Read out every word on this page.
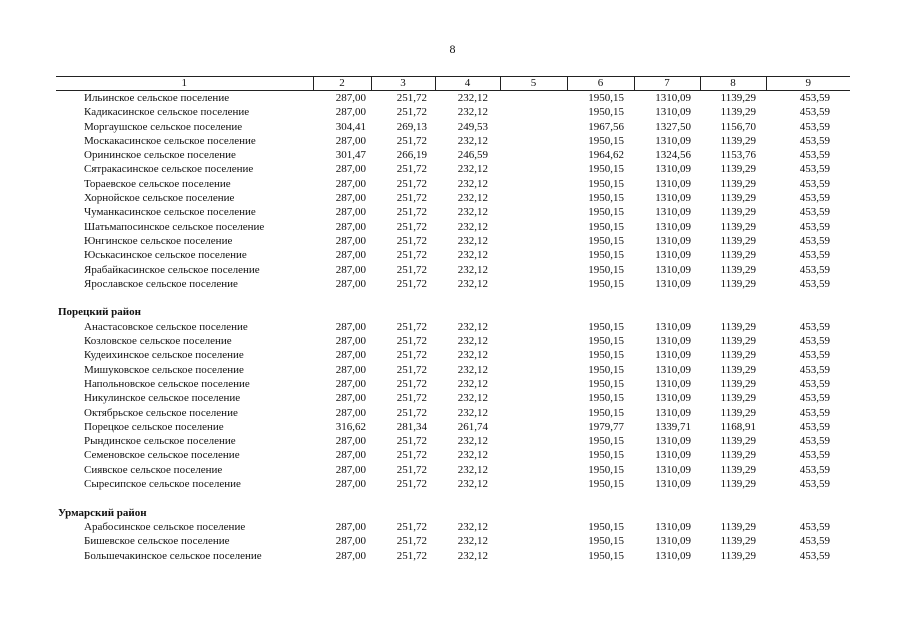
8
1	2	3	4	5	6	7	8	9
Ильинское сельское поселение	287,00	251,72	232,12		1950,15	1310,09	1139,29	453,59
Кадикасинское сельское поселение	287,00	251,72	232,12		1950,15	1310,09	1139,29	453,59
Моргаушское сельское поселение	304,41	269,13	249,53		1967,56	1327,50	1156,70	453,59
Москакасинское сельское поселение	287,00	251,72	232,12		1950,15	1310,09	1139,29	453,59
Орининское сельское поселение	301,47	266,19	246,59		1964,62	1324,56	1153,76	453,59
Сятракасинское сельское поселение	287,00	251,72	232,12		1950,15	1310,09	1139,29	453,59
Тораевское сельское поселение	287,00	251,72	232,12		1950,15	1310,09	1139,29	453,59
Хорнойское сельское поселение	287,00	251,72	232,12		1950,15	1310,09	1139,29	453,59
Чуманкасинское сельское поселение	287,00	251,72	232,12		1950,15	1310,09	1139,29	453,59
Шатьмапосинское сельское поселение	287,00	251,72	232,12		1950,15	1310,09	1139,29	453,59
Юнгинское сельское поселение	287,00	251,72	232,12		1950,15	1310,09	1139,29	453,59
Юськасинское сельское поселение	287,00	251,72	232,12		1950,15	1310,09	1139,29	453,59
Ярабайкасинское сельское поселение	287,00	251,72	232,12		1950,15	1310,09	1139,29	453,59
Ярославское сельское поселение	287,00	251,72	232,12		1950,15	1310,09	1139,29	453,59

Порецкий район								
Анастасовское сельское поселение	287,00	251,72	232,12		1950,15	1310,09	1139,29	453,59
Козловское сельское поселение	287,00	251,72	232,12		1950,15	1310,09	1139,29	453,59
Кудеихинское сельское поселение	287,00	251,72	232,12		1950,15	1310,09	1139,29	453,59
Мишуковское сельское поселение	287,00	251,72	232,12		1950,15	1310,09	1139,29	453,59
Напольновское сельское поселение	287,00	251,72	232,12		1950,15	1310,09	1139,29	453,59
Никулинское сельское поселение	287,00	251,72	232,12		1950,15	1310,09	1139,29	453,59
Октябрьское сельское поселение	287,00	251,72	232,12		1950,15	1310,09	1139,29	453,59
Порецкое сельское поселение	316,62	281,34	261,74		1979,77	1339,71	1168,91	453,59
Рындинское сельское поселение	287,00	251,72	232,12		1950,15	1310,09	1139,29	453,59
Семеновское сельское поселение	287,00	251,72	232,12		1950,15	1310,09	1139,29	453,59
Сиявское сельское поселение	287,00	251,72	232,12		1950,15	1310,09	1139,29	453,59
Сыресипское сельское поселение	287,00	251,72	232,12		1950,15	1310,09	1139,29	453,59

Урмарский район								
Арабосинское сельское поселение	287,00	251,72	232,12		1950,15	1310,09	1139,29	453,59
Бишевское сельское поселение	287,00	251,72	232,12		1950,15	1310,09	1139,29	453,59
Большечакинское сельское поселение	287,00	251,72	232,12		1950,15	1310,09	1139,29	453,59
